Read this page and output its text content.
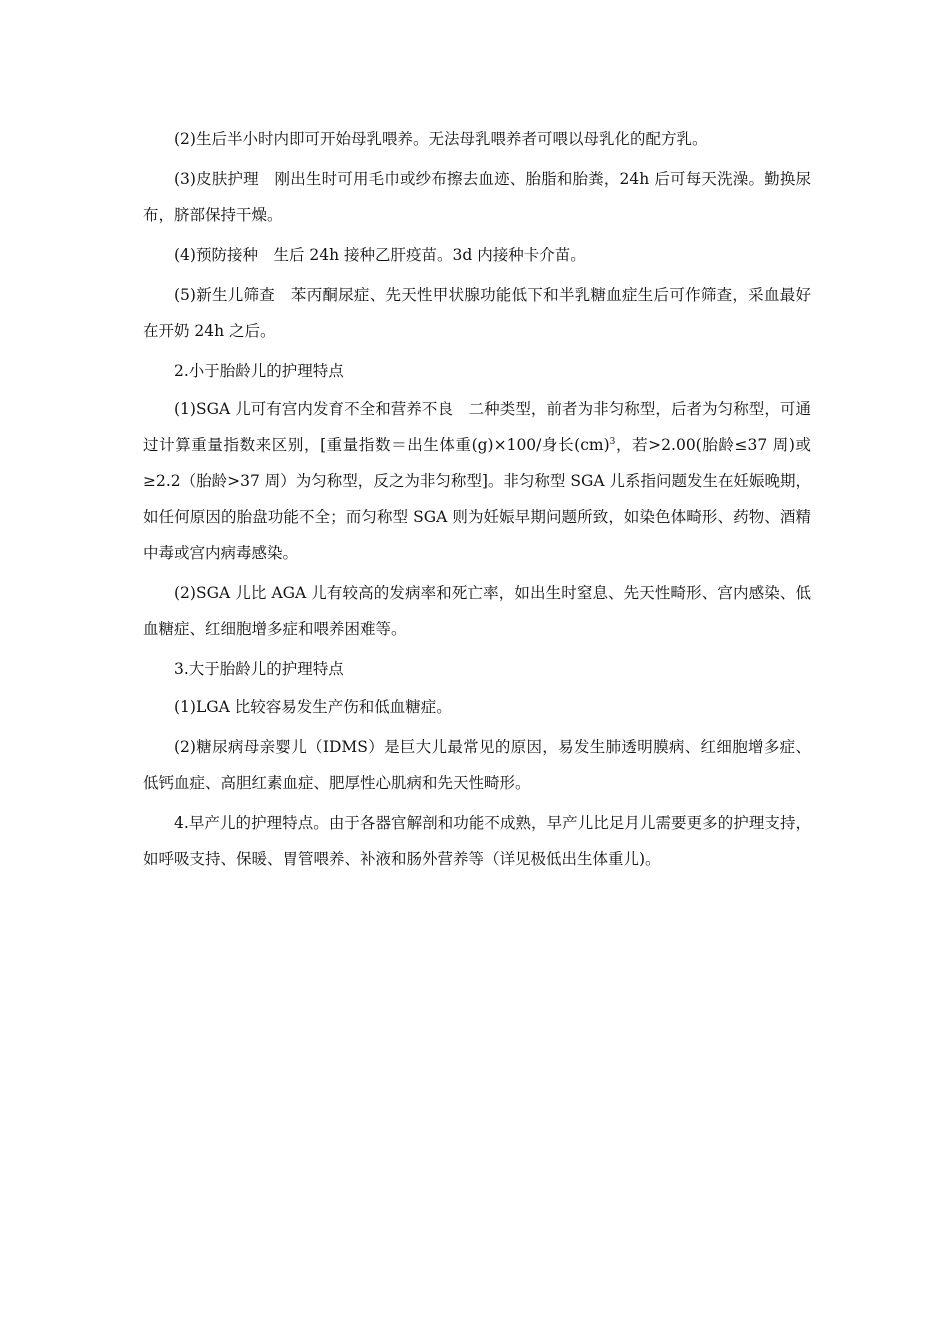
(2)生后半小时内即可开始母乳喂养。无法母乳喂养者可喂以母乳化的配方乳。

(3)皮肤护理　刚出生时可用毛巾或纱布擦去血迹、胎脂和胎粪，24h 后可每天洗澡。勤换尿布，脐部保持干燥。

(4)预防接种　生后 24h 接种乙肝疫苗。3d 内接种卡介苗。

(5)新生儿筛查　苯丙酮尿症、先天性甲状腺功能低下和半乳糖血症生后可作筛查，采血最好在开奶 24h 之后。

2.小于胎龄儿的护理特点

(1)SGA 儿可有宫内发育不全和营养不良　二种类型，前者为非匀称型，后者为匀称型，可通过计算重量指数来区别，[重量指数＝出生体重(g)×100/身长(cm)$^3$，若>2.00(胎龄≤37 周)或≥2.2（胎龄>37 周）为匀称型，反之为非匀称型]。非匀称型 SGA 儿系指问题发生在妊娠晚期，如任何原因的胎盘功能不全；而匀称型 SGA 则为妊娠早期问题所致，如染色体畸形、药物、酒精中毒或宫内病毒感染。

(2)SGA 儿比 AGA 儿有较高的发病率和死亡率，如出生时窒息、先天性畸形、宫内感染、低血糖症、红细胞增多症和喂养困难等。

3.大于胎龄儿的护理特点

(1)LGA 比较容易发生产伤和低血糖症。

(2)糖尿病母亲婴儿（IDMS）是巨大儿最常见的原因，易发生肺透明膜病、红细胞增多症、低钙血症、高胆红素血症、肥厚性心肌病和先天性畸形。

4.早产儿的护理特点。由于各器官解剖和功能不成熟，早产儿比足月儿需要更多的护理支持，如呼吸支持、保暖、胃管喂养、补液和肠外营养等（详见极低出生体重儿)。
